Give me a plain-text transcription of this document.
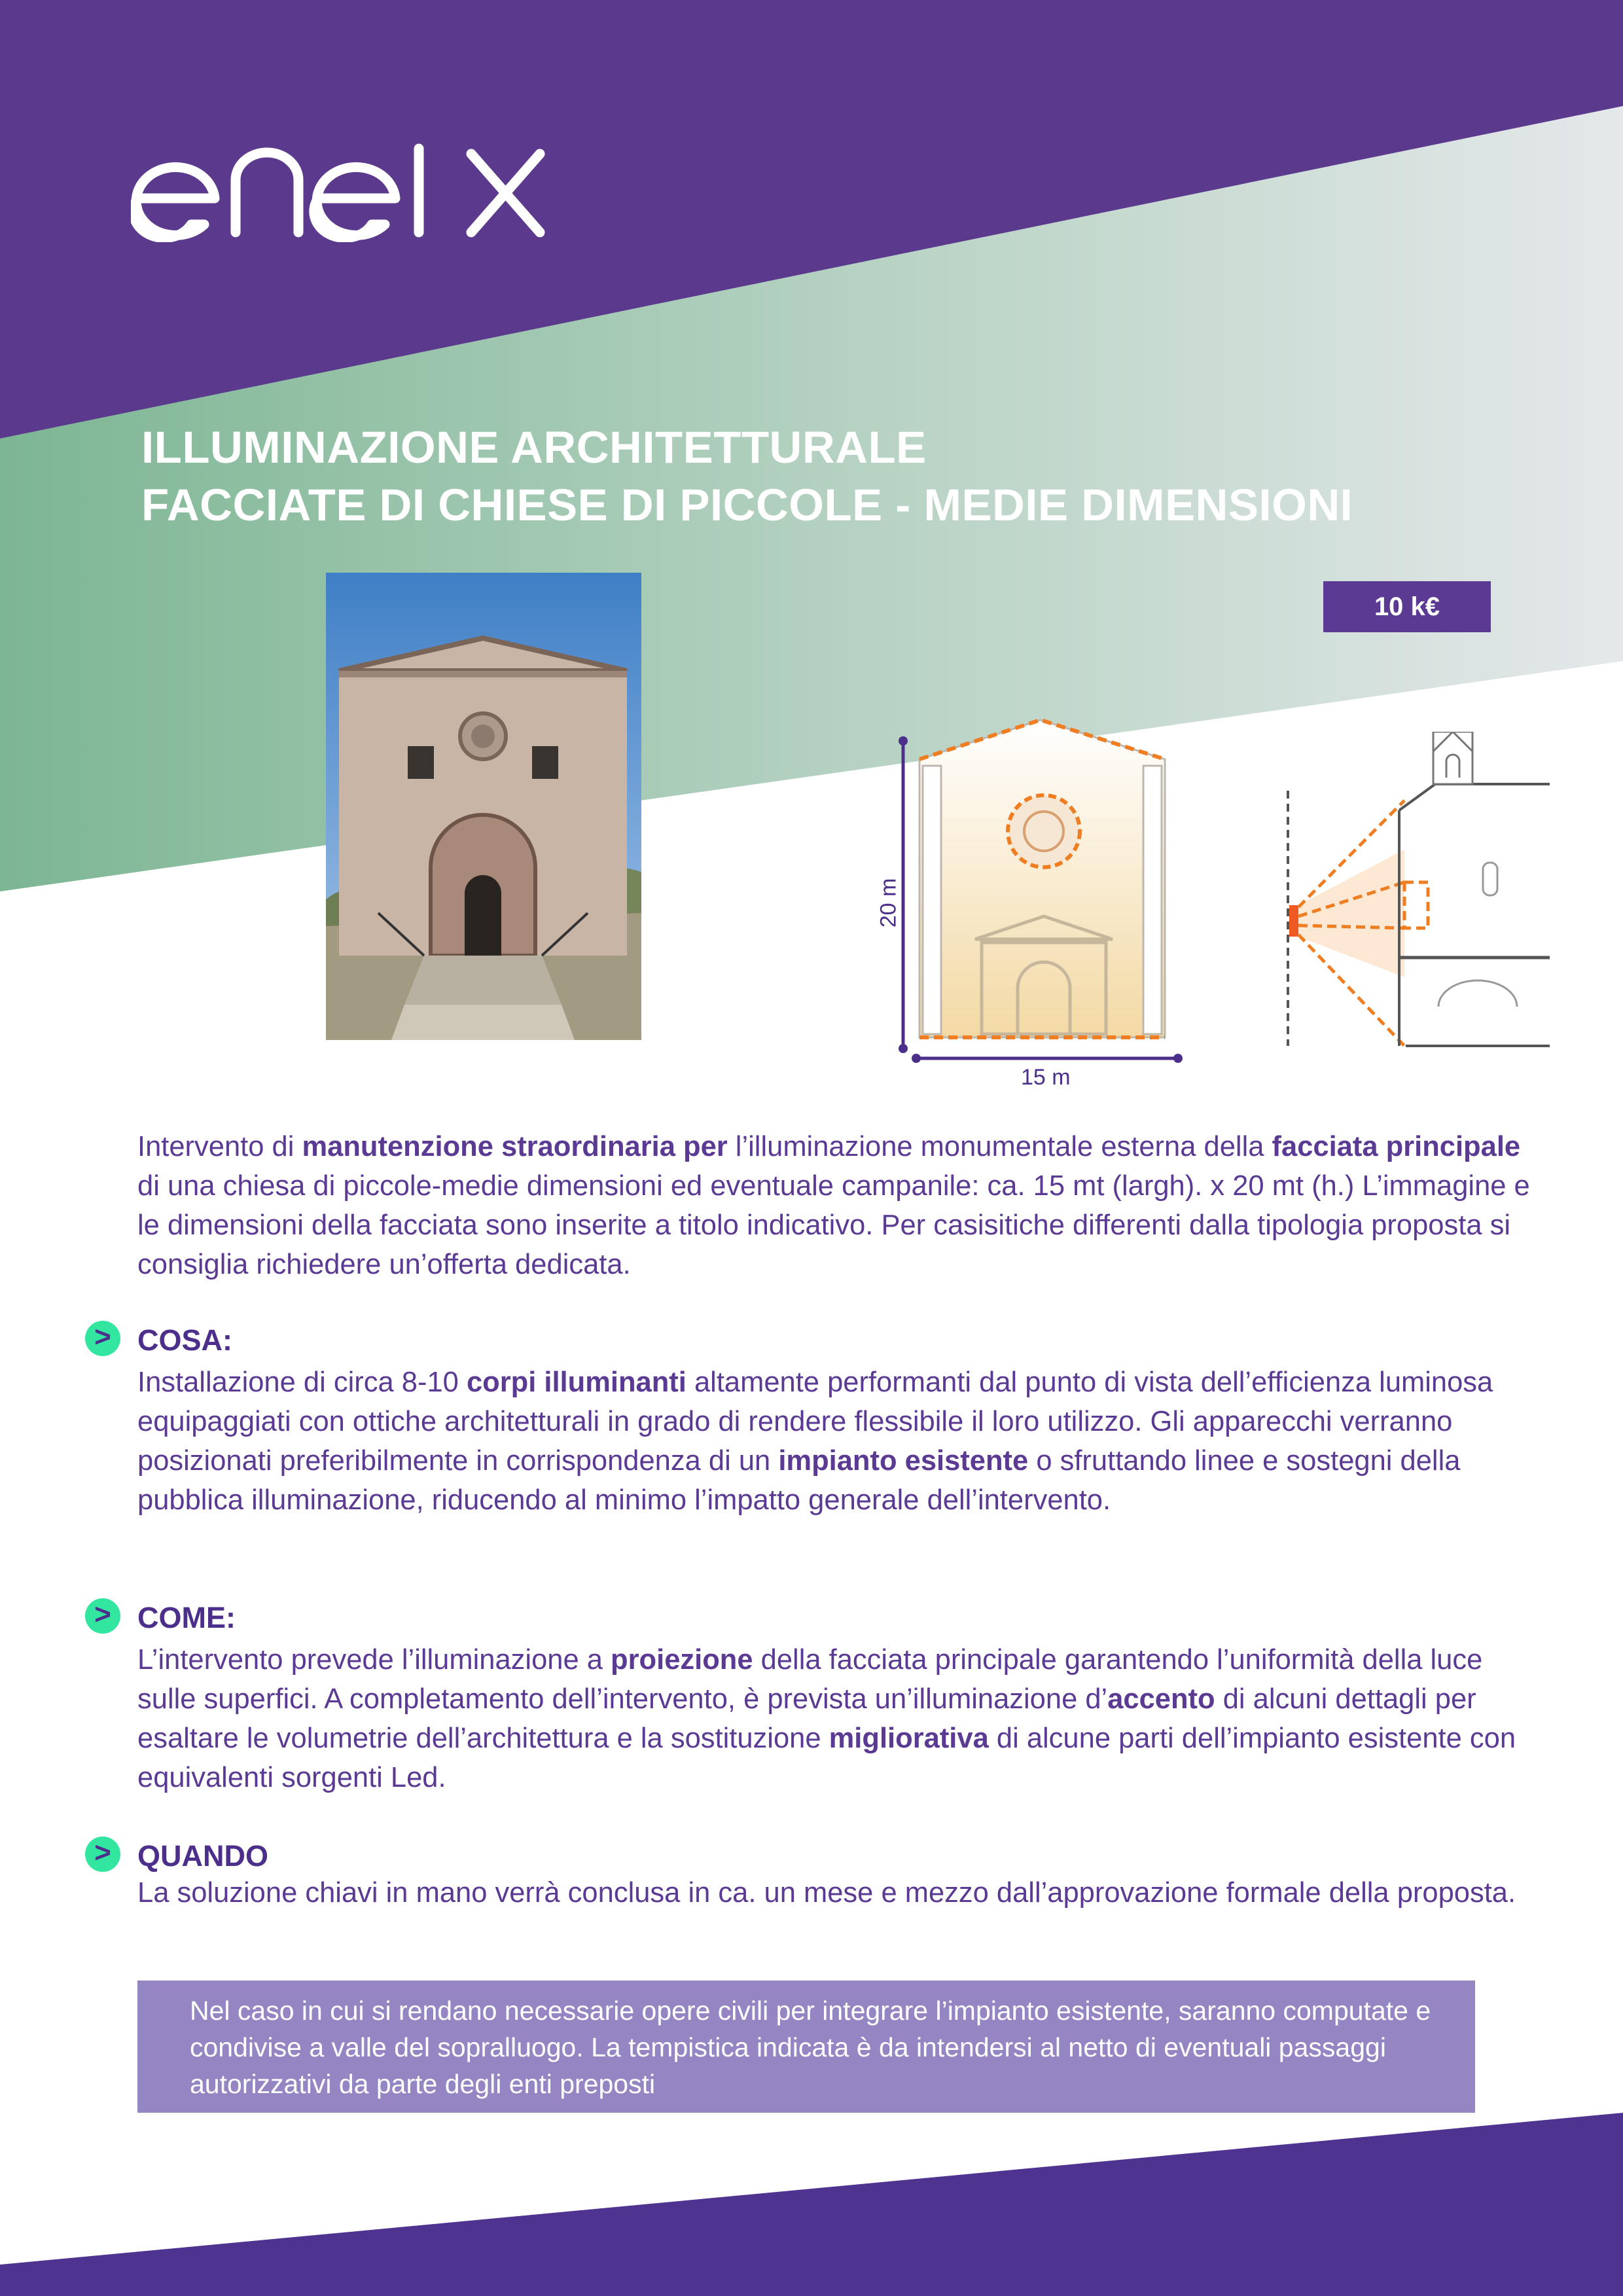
ILLUMINAZIONE ARCHITETTURALE
FACCIATE DI CHIESE DI PICCOLE - MEDIE DIMENSIONI
10 k€
20 m
15 m
Intervento di manutenzione straordinaria per l’illuminazione monumentale esterna della facciata principale di una chiesa di piccole-medie dimensioni ed eventuale campanile: ca. 15 mt (largh). x 20 mt (h.) L’immagine e le dimensioni della facciata sono inserite a titolo indicativo. Per casisitiche differenti dalla tipologia proposta si consiglia richiedere un’offerta dedicata.
> COSA:
Installazione di circa 8-10 corpi illuminanti altamente performanti dal punto di vista dell’efficienza luminosa equipaggiati con ottiche architetturali in grado di rendere flessibile il loro utilizzo. Gli apparecchi verranno posizionati preferibilmente in corrispondenza di un impianto esistente o sfruttando linee e sostegni della pubblica illuminazione, riducendo al minimo l’impatto generale dell’intervento.
> COME:
L’intervento prevede l’illuminazione a proiezione della facciata principale garantendo l’uniformità della luce sulle superfici. A completamento dell’intervento, è prevista un’illuminazione d’accento di alcuni dettagli per esaltare le volumetrie dell’architettura e la sostituzione migliorativa di alcune parti dell’impianto esistente con equivalenti sorgenti Led.
> QUANDO
La soluzione chiavi in mano verrà conclusa in ca. un mese e mezzo dall’approvazione formale della proposta.

Nel caso in cui si rendano necessarie opere civili per integrare l’impianto esistente, saranno computate e condivise a valle del sopralluogo. La tempistica indicata è da intendersi al netto di eventuali passaggi autorizzativi da parte degli enti preposti
